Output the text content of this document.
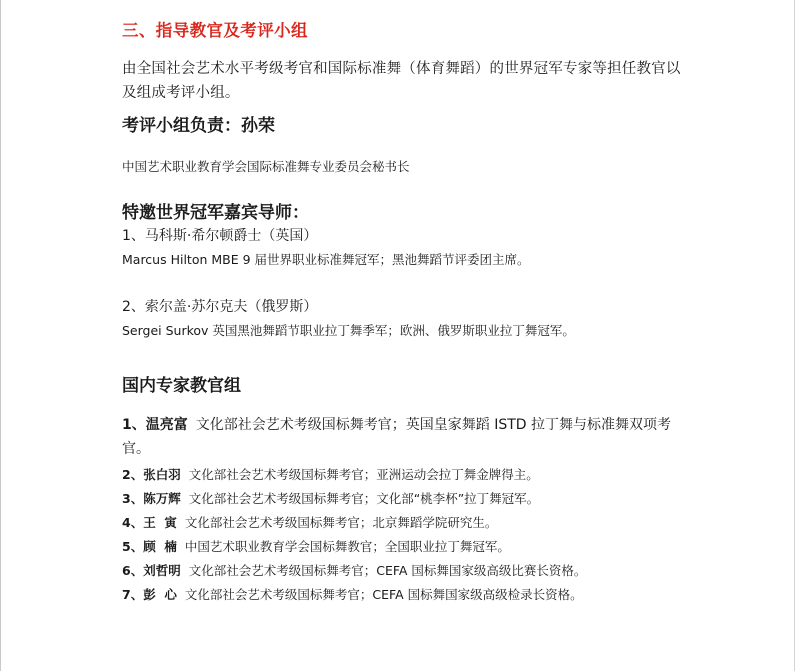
三、指导教官及考评小组

由全国社会艺术水平考级考官和国际标准舞（体育舞蹈）的世界冠军专家等担任教官以及组成考评小组。

考评小组负责：孙荣

中国艺术职业教育学会国际标准舞专业委员会秘书长

特邀世界冠军嘉宾导师：

1、马科斯·希尔顿爵士（英国）

Marcus Hilton MBE 9 届世界职业标准舞冠军；黑池舞蹈节评委团主席。

2、索尔盖·苏尔克夫（俄罗斯）

Sergei Surkov 英国黑池舞蹈节职业拉丁舞季军；欧洲、俄罗斯职业拉丁舞冠军。

国内专家教官组
1、温亮富 文化部社会艺术考级国标舞考官；英国皇家舞蹈 ISTD 拉丁舞与标准舞双项考官。
2、张白羽 文化部社会艺术考级国标舞考官；亚洲运动会拉丁舞金牌得主。
3、陈万辉 文化部社会艺术考级国标舞考官；文化部“桃李杯”拉丁舞冠军。
4、王  寅 文化部社会艺术考级国标舞考官；北京舞蹈学院研究生。
5、顾  楠 中国艺术职业教育学会国标舞教官；全国职业拉丁舞冠军。
6、刘哲明 文化部社会艺术考级国标舞考官；CEFA 国标舞国家级高级比赛长资格。
7、彭  心 文化部社会艺术考级国标舞考官；CEFA 国标舞国家级高级检录长资格。
